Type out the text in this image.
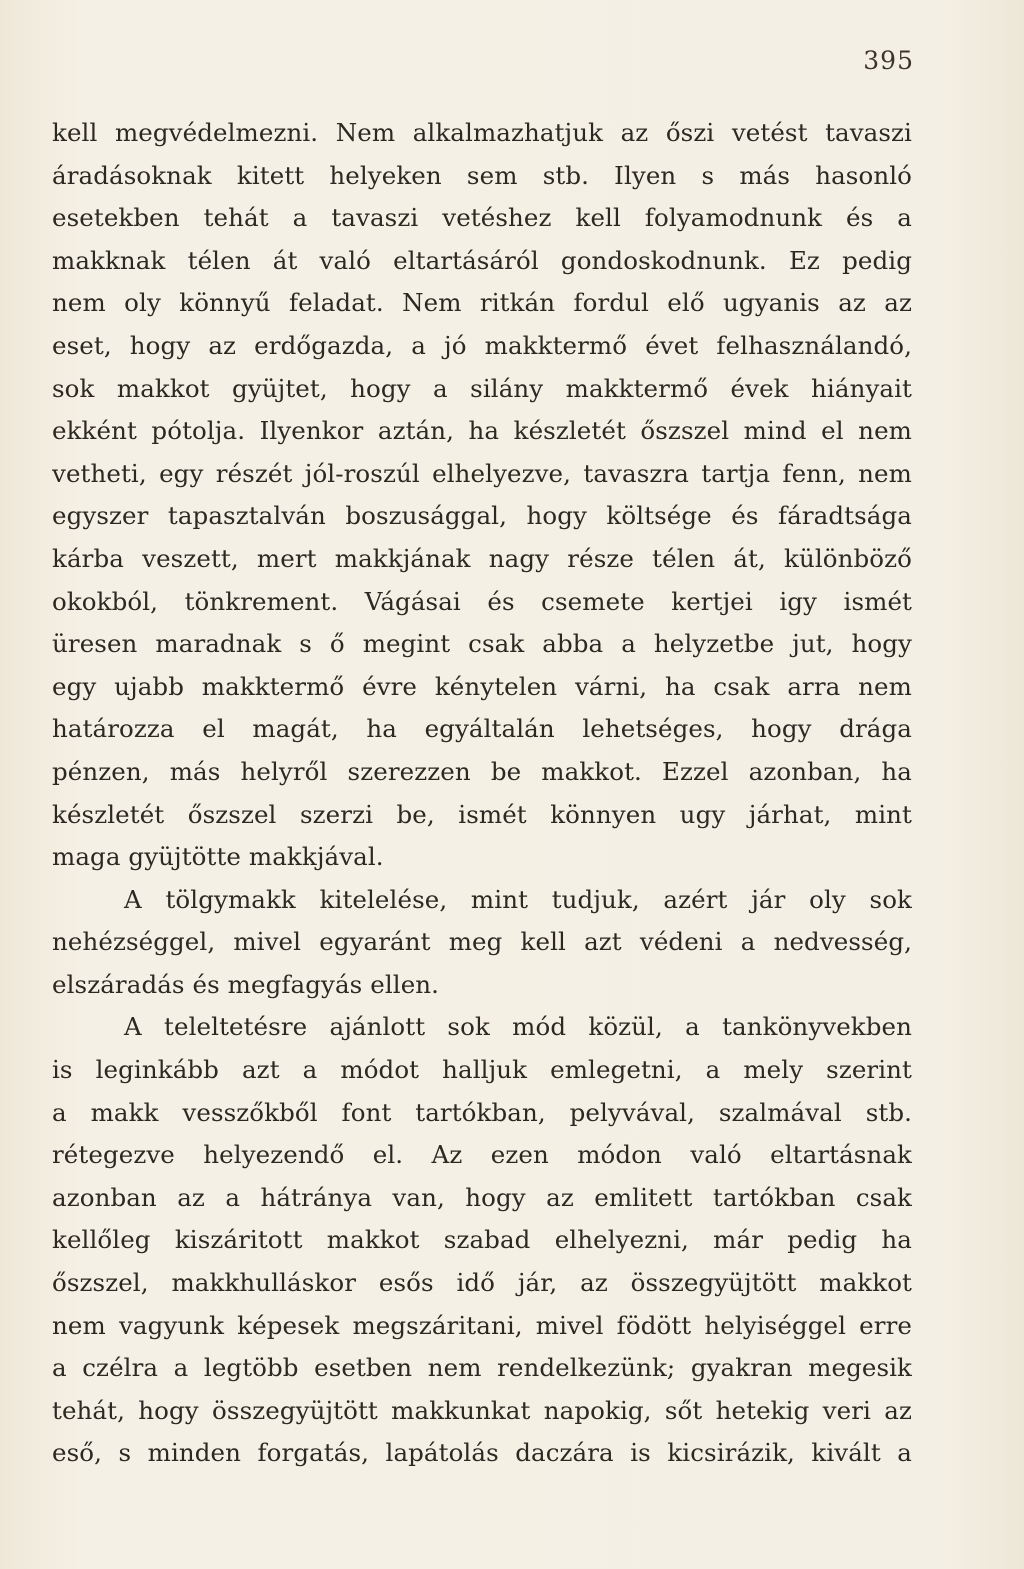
395
kell megvédelmezni. Nem alkalmazhatjuk az őszi vetést tavaszi
áradásoknak kitett helyeken sem stb. Ilyen s más hasonló
esetekben tehát a tavaszi vetéshez kell folyamodnunk és a
makknak télen át való eltartásáról gondoskodnunk. Ez pedig
nem oly könnyű feladat. Nem ritkán fordul elő ugyanis az az
eset, hogy az erdőgazda, a jó makktermő évet felhasználandó,
sok makkot gyüjtet, hogy a silány makktermő évek hiányait
ekként pótolja. Ilyenkor aztán, ha készletét őszszel mind el nem
vetheti, egy részét jól-roszúl elhelyezve, tavaszra tartja fenn, nem
egyszer tapasztalván boszusággal, hogy költsége és fáradtsága
kárba veszett, mert makkjának nagy része télen át, különböző
okokból, tönkrement. Vágásai és csemete kertjei igy ismét
üresen maradnak s ő megint csak abba a helyzetbe jut, hogy
egy ujabb makktermő évre kénytelen várni, ha csak arra nem
határozza el magát, ha egyáltalán lehetséges, hogy drága
pénzen, más helyről szerezzen be makkot. Ezzel azonban, ha
készletét őszszel szerzi be, ismét könnyen ugy járhat, mint
maga gyüjtötte makkjával.
A tölgymakk kitelelése, mint tudjuk, azért jár oly sok
nehézséggel, mivel egyaránt meg kell azt védeni a nedvesség,
elszáradás és megfagyás ellen.
A teleltetésre ajánlott sok mód közül, a tankönyvekben
is leginkább azt a módot halljuk emlegetni, a mely szerint
a makk vesszőkből font tartókban, pelyvával, szalmával stb.
rétegezve helyezendő el. Az ezen módon való eltartásnak
azonban az a hátránya van, hogy az emlitett tartókban csak
kellőleg kiszáritott makkot szabad elhelyezni, már pedig ha
őszszel, makkhulláskor esős idő jár, az összegyüjtött makkot
nem vagyunk képesek megszáritani, mivel födött helyiséggel erre
a czélra a legtöbb esetben nem rendelkezünk; gyakran megesik
tehát, hogy összegyüjtött makkunkat napokig, sőt hetekig veri az
eső, s minden forgatás, lapátolás daczára is kicsirázik, kivált a
